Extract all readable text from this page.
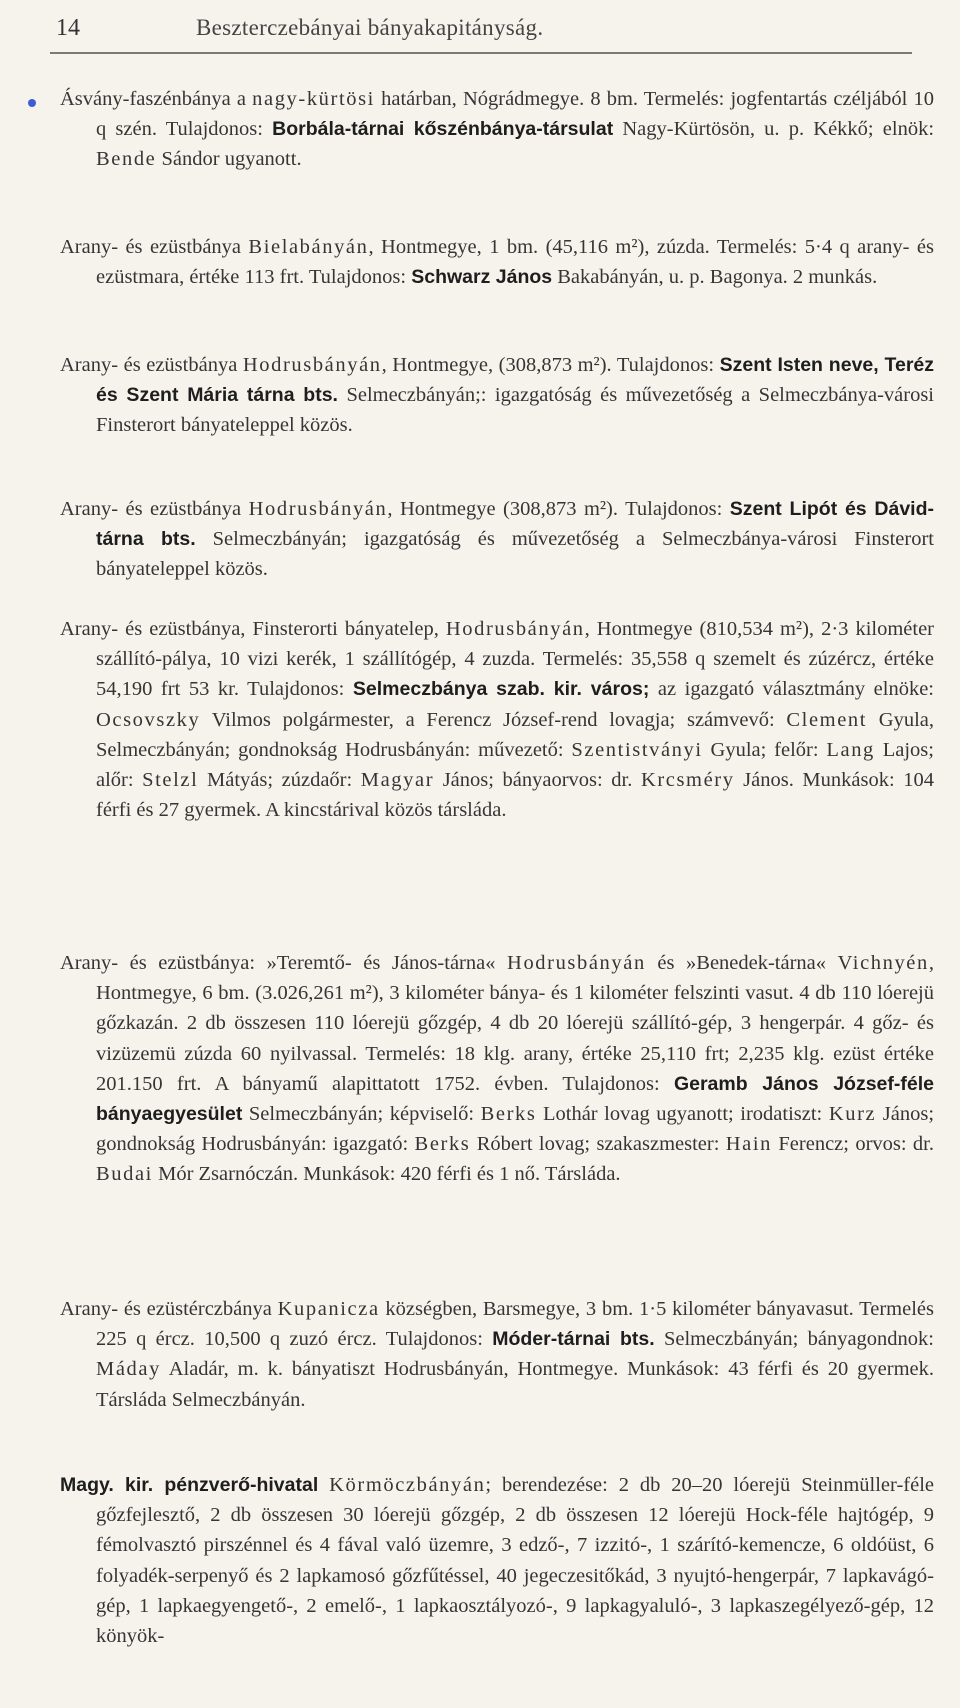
14	Beszterczebányai bányakapitányság.
Ásvány-faszénbánya a nagy-kürtösi határban, Nógrádmegye. 8 bm. Termelés: jogfentartás czéljából 10 q szén. Tulajdonos: Borbála-tárnai kőszénbánya-társulat Nagy-Kürtösön, u. p. Kékkő; elnök: Bende Sándor ugyanott.
Arany- és ezüstbánya Bielabányán, Hontmegye, 1 bm. (45,116 m²), zúzda. Termelés: 5·4 q arany- és ezüstmara, értéke 113 frt. Tulajdonos: Schwarz János Bakabányán, u. p. Bagonya. 2 munkás.
Arany- és ezüstbánya Hodrusbányán, Hontmegye, (308,873 m²). Tulajdonos: Szent Isten neve, Teréz és Szent Mária tárna bts. Selmeczbányán;: igazgatóság és művezetőség a Selmeczbánya-városi Finsterort bányateleppel közös.
Arany- és ezüstbánya Hodrusbányán, Hontmegye (308,873 m²). Tulajdonos: Szent Lipót és Dávid-tárna bts. Selmeczbányán; igazgatóság és művezetőség a Selmeczbánya-városi Finsterort bányateleppel közös.
Arany- és ezüstbánya, Finsterorti bányatelep, Hodrusbányán, Hontmegye (810,534 m²), 2·3 kilométer szállító-pálya, 10 vizi kerék, 1 szállítógép, 4 zuzda. Termelés: 35,558 q szemelt és zúzércz, értéke 54,190 frt 53 kr. Tulajdonos: Selmeczbánya szab. kir. város; az igazgató választmány elnöke: Ocsovszky Vilmos polgármester, a Ferencz József-rend lovagja; számvevő: Clement Gyula, Selmeczbányán; gondnokság Hodrusbányán: művezető: Szentistványi Gyula; felőr: Lang Lajos; alőr: Stelzl Mátyás; zúzdaőr: Magyar János; bányaorvos: dr. Krcsméry János. Munkások: 104 férfi és 27 gyermek. A kincstárival közös társláda.
Arany- és ezüstbánya: »Teremtő- és János-tárna« Hodrusbányán és »Benedek-tárna« Vichnyén, Hontmegye, 6 bm. (3.026,261 m²), 3 kilométer bánya- és 1 kilométer felszinti vasut. 4 db 110 lóerejü gőzkazán. 2 db összesen 110 lóerejü gőzgép, 4 db 20 lóerejü szállító-gép, 3 hengerpár. 4 gőz- és vizüzemü zúzda 60 nyilvassal. Termelés: 18 klg. arany, értéke 25,110 frt; 2,235 klg. ezüst értéke 201.150 frt. A bányamű alapittatott 1752. évben. Tulajdonos: Geramb János József-féle bányaegyesület Selmeczbányán; képviselő: Berks Lothár lovag ugyanott; irodatiszt: Kurz János; gondnokság Hodrusbányán: igazgató: Berks Róbert lovag; szakaszmester: Hain Ferencz; orvos: dr. Budai Mór Zsarnóczán. Munkások: 420 férfi és 1 nő. Társláda.
Arany- és ezüstérczbánya Kupanicza községben, Barsmegye, 3 bm. 1·5 kilométer bányavasut. Termelés 225 q ércz. 10,500 q zuzó ércz. Tulajdonos: Móder-tárnai bts. Selmeczbányán; bányagondnok: Máday Aladár, m. k. bányatiszt Hodrusbányán, Hontmegye. Munkások: 43 férfi és 20 gyermek. Társláda Selmeczbányán.
Magy. kir. pénzverő-hivatal Körmöczbányán; berendezése: 2 db 20–20 lóerejü Steinmüller-féle gőzfejlesztő, 2 db összesen 30 lóerejü gőzgép, 2 db összesen 12 lóerejü Hock-féle hajtógép, 9 fémolvasztó pirszénnel és 4 fával való üzemre, 3 edző-, 7 izzitó-, 1 szárító-kemencze, 6 oldóüst, 6 folyadék-serpenyő és 2 lapkamosó gőzfűtéssel, 40 jegeczesitőkád, 3 nyujtó-hengerpár, 7 lapkavágó-gép, 1 lapkaegyengető-, 2 emelő-, 1 lapkaosztályozó-, 9 lapkagyaluló-, 3 lapkaszegélyező-gép, 12 könyök-
